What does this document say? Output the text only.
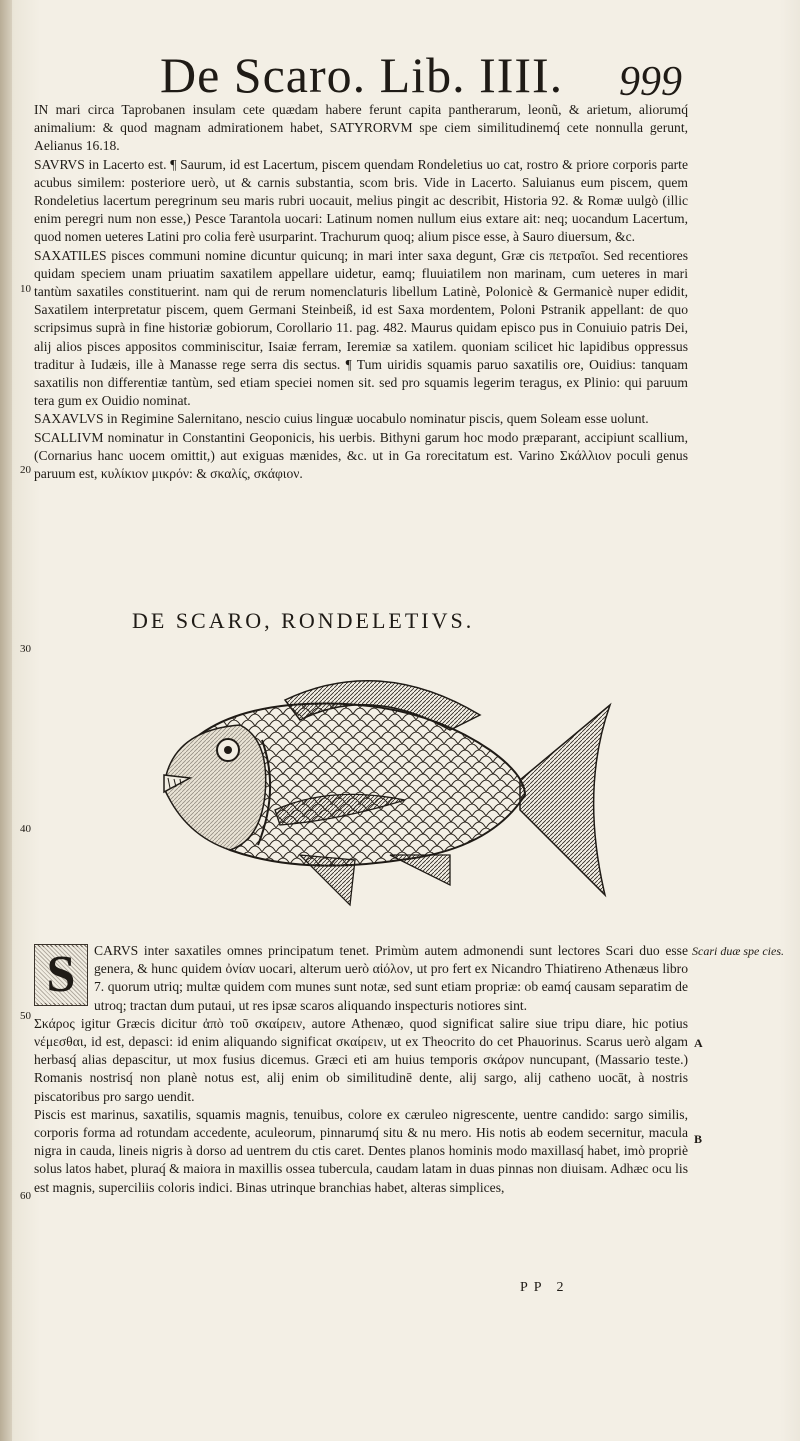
De Scaro. Lib. IIII. 999

IN mari circa Taprobanen insulam cete quædam habere ferunt capita pantherarum, leonũ, & arietum, aliorumq́ animalium: & quod magnam admirationem habet, SATYRORVM spe ciem similitudinemq́ cete nonnulla gerunt, Aelianus 16.18.

SAVRVS in Lacerto est. ¶ Saurum, id est Lacertum, piscem quendam Rondeletius uo cat, rostro & priore corporis parte acubus similem: posteriore uerò, ut & carnis substantia, scom bris. Vide in Lacerto. Saluianus eum piscem, quem Rondeletius lacertum peregrinum seu maris rubri uocauit, melius pingit ac describit, Historia 92. & Romæ uulgò (illic enim peregri num non esse,) Pesce Tarantola uocari: Latinum nomen nullum eius extare ait: neq; uocandum Lacertum, quod nomen ueteres Latini pro colia ferè usurparint. Trachurum quoq; alium pisce esse, à Sauro diuersum, &c.

SAXATILES pisces communi nomine dicuntur quicunq; in mari inter saxa degunt, Græ cis πετραῖοι. Sed recentiores quidam speciem unam priuatim saxatilem appellare uidetur, eamq; fluuiatilem non marinam, cum ueteres in mari tantùm saxatiles constituerint. nam qui de rerum nomenclaturis libellum Latinè, Polonicè & Germanicè nuper edidit, Saxatilem interpretatur piscem, quem Germani Steinbeiß, id est Saxa mordentem, Poloni Pstranik appellant: de quo scripsimus suprà in fine historiæ gobiorum, Corollario 11. pag. 482. Maurus quidam episco pus in Conuiuio patris Dei, alij alios pisces appositos comminiscitur, Isaiæ ferram, Ieremiæ sa xatilem. quoniam scilicet hic lapidibus oppressus traditur à Iudæis, ille à Manasse rege serra dis sectus. ¶ Tum uiridis squamis paruo saxatilis ore, Ouidius: tanquam saxatilis non differentiæ tantùm, sed etiam speciei nomen sit. sed pro squamis legerim teragus, ex Plinio: qui paruum tera gum ex Ouidio nominat.

SAXAVLVS in Regimine Salernitano, nescio cuius linguæ uocabulo nominatur piscis, quem Soleam esse uolunt.

SCALLIVM nominatur in Constantini Geoponicis, his uerbis. Bithyni garum hoc modo præparant, accipiunt scallium, (Cornarius hanc uocem omittit,) aut exiguas mænides, &c. ut in Ga rorecitatum est. Varino Σκάλλιον poculi genus paruum est, κυλίκιον μικρόν: & σκαλίς, σκάφιον.

10
20
30
40
50
60
DE SCARO, RONDELETIVS.
S	CARVS inter saxatiles omnes principatum tenet. Primùm autem admonendi sunt lectores Scari duo esse genera, & hunc quidem ὀνίαν uocari, alterum uerò αἰόλον, ut pro fert ex Nicandro Thiatireno Athenæus libro 7. quorum utriq; multæ quidem com munes sunt notæ, sed sunt etiam propriæ: ob eamq́ causam separatim de utroq; tractan dum putaui, ut res ipsæ scaros aliquando inspecturis notiores sint.

Σκάρος igitur Græcis dicitur ἀπὸ τοῦ σκαίρειν, autore Athenæo, quod significat salire siue tripu diare, hic potius νέμεσθαι, id est, depasci: id enim aliquando significat σκαίρειν, ut ex Theocrito do cet Phauorinus. Scarus uerò algam herbasq́ alias depascitur, ut mox fusius dicemus. Græci eti am huius temporis σκάρον nuncupant, (Massario teste.) Romanis nostrisq́ non planè notus est, alij enim ob similitudinē dente, alij sargo, alij catheno uocāt, à nostris piscatoribus pro sargo uendit.

Piscis est marinus, saxatilis, squamis magnis, tenuibus, colore ex cæruleo nigrescente, uentre candido: sargo similis, corporis forma ad rotundam accedente, aculeorum, pinnarumq́ situ & nu mero. His notis ab eodem secernitur, macula nigra in cauda, lineis nigris à dorso ad uentrem du ctis caret. Dentes planos hominis modo maxillasq́ habet, imò propriè solus latos habet, pluraq́ & maiora in maxillis ossea tubercula, caudam latam in duas pinnas non diuisam. Adhæc ocu lis est magnis, superciliis coloris indici. Binas utrinque branchias habet, alteras simplices,

Scari duæ spe cies.
A
B
PP 2
